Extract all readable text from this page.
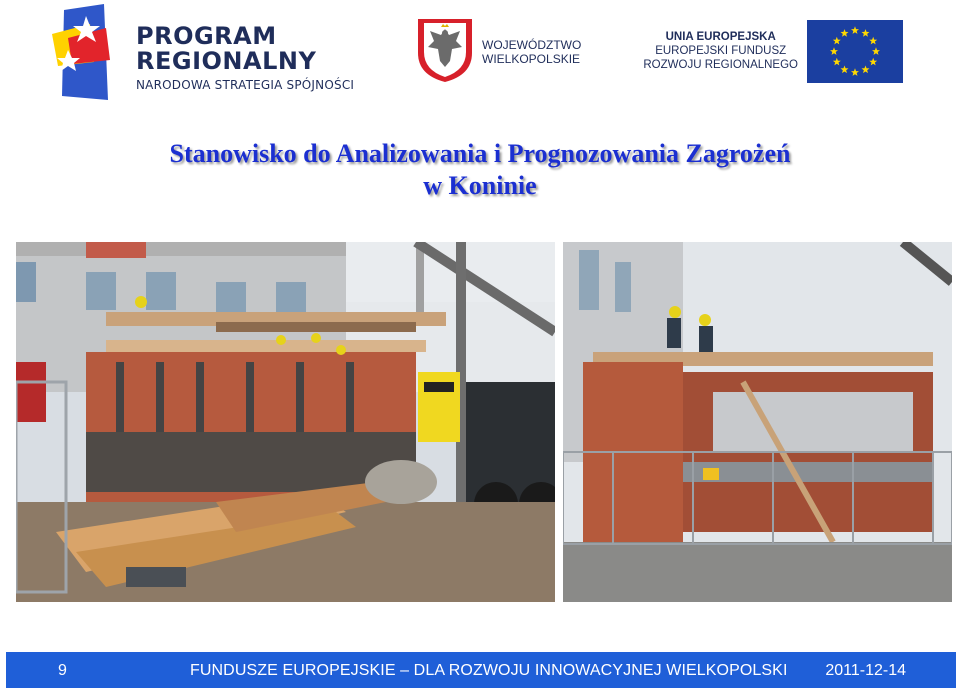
PROGRAM
REGIONALNY
NARODOWA STRATEGIA SPÓJNOŚCI
WOJEWÓDZTWO
WIELKOPOLSKIE
UNIA EUROPEJSKA
EUROPEJSKI FUNDUSZ
ROZWOJU REGIONALNEGO
Stanowisko do Analizowania i Prognozowania Zagrożeń
w Koninie
9	FUNDUSZE EUROPEJSKIE – DLA ROZWOJU INNOWACYJNEJ WIELKOPOLSKI 2011-12-14
